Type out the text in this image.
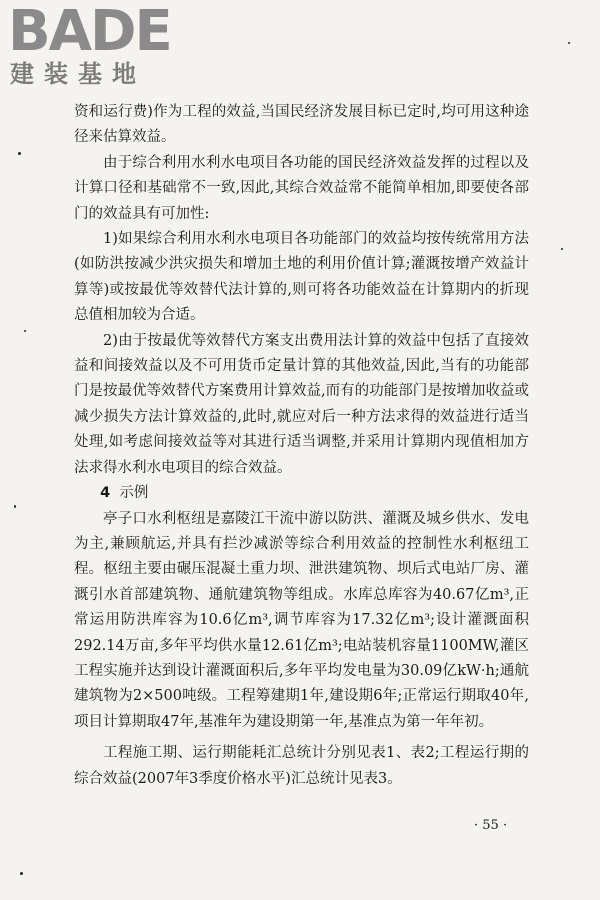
BADE
建装基地

资和运行费)作为工程的效益,当国民经济发展目标已定时,均可用这种途径来估算效益。

由于综合利用水利水电项目各功能的国民经济效益发挥的过程以及计算口径和基础常不一致,因此,其综合效益常不能简单相加,即要使各部门的效益具有可加性:

1)如果综合利用水利水电项目各功能部门的效益均按传统常用方法(如防洪按减少洪灾损失和增加土地的利用价值计算;灌溉按增产效益计算等)或按最优等效替代法计算的,则可将各功能效益在计算期内的折现总值相加较为合适。

2)由于按最优等效替代方案支出费用法计算的效益中包括了直接效益和间接效益以及不可用货币定量计算的其他效益,因此,当有的功能部门是按最优等效替代方案费用计算效益,而有的功能部门是按增加收益或减少损失方法计算效益的,此时,就应对后一种方法求得的效益进行适当处理,如考虑间接效益等对其进行适当调整,并采用计算期内现值相加方法求得水利水电项目的综合效益。

4 示例

亭子口水利枢纽是嘉陵江干流中游以防洪、灌溉及城乡供水、发电为主,兼顾航运,并具有拦沙减淤等综合利用效益的控制性水利枢纽工程。枢纽主要由碾压混凝土重力坝、泄洪建筑物、坝后式电站厂房、灌溉引水首部建筑物、通航建筑物等组成。水库总库容为40.67亿m³,正常运用防洪库容为10.6亿m³,调节库容为17.32亿m³;设计灌溉面积292.14万亩,多年平均供水量12.61亿m³;电站装机容量1100MW,灌区工程实施并达到设计灌溉面积后,多年平均发电量为30.09亿kW·h;通航建筑物为2×500吨级。工程筹建期1年,建设期6年;正常运行期取40年,项目计算期取47年,基准年为建设期第一年,基准点为第一年年初。

工程施工期、运行期能耗汇总统计分别见表1、表2;工程运行期的综合效益(2007年3季度价格水平)汇总统计见表3。

· 55 ·
